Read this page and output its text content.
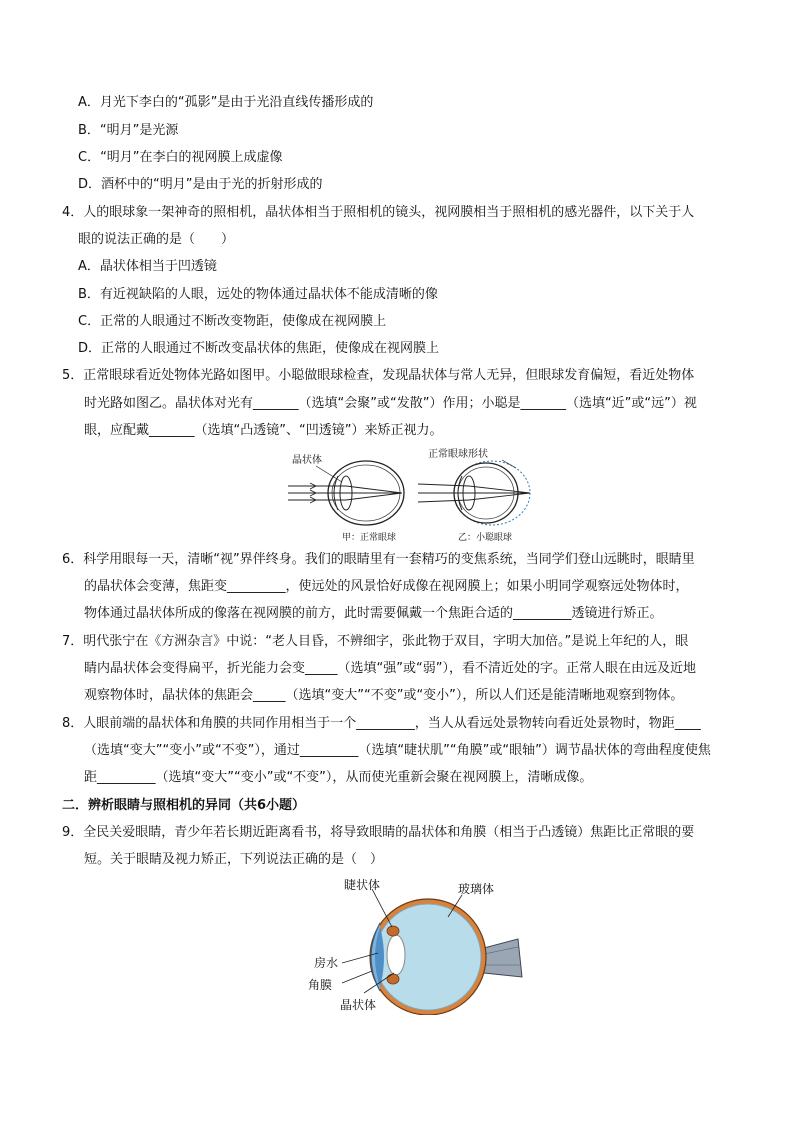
A．月光下李白的“孤影”是由于光沿直线传播形成的
B．“明月”是光源
C．“明月”在李白的视网膜上成虚像
D．酒杯中的“明月”是由于光的折射形成的
4．人的眼球象一架神奇的照相机，晶状体相当于照相机的镜头，视网膜相当于照相机的感光器件，以下关于人
眼的说法正确的是（　　）
A．晶状体相当于凹透镜
B．有近视缺陷的人眼，远处的物体通过晶状体不能成清晰的像
C．正常的人眼通过不断改变物距，使像成在视网膜上
D．正常的人眼通过不断改变晶状体的焦距，使像成在视网膜上
5．正常眼球看近处物体光路如图甲。小聪做眼球检查，发现晶状体与常人无异，但眼球发育偏短，看近处物体
时光路如图乙。晶状体对光有_______（选填“会聚”或“发散”）作用；小聪是_______（选填“近”或“远”）视
眼，应配戴_______（选填“凸透镜”、“凹透镜”）来矫正视力。
晶状体
甲：正常眼球
正常眼球形状
乙：小聪眼球
6．科学用眼每一天，清晰“视”界伴终身。我们的眼睛里有一套精巧的变焦系统，当同学们登山远眺时，眼睛里
的晶状体会变薄，焦距变_________，使远处的风景恰好成像在视网膜上；如果小明同学观察远处物体时，
物体通过晶状体所成的像落在视网膜的前方，此时需要佩戴一个焦距合适的_________透镜进行矫正。
7．明代张宁在《方洲杂言》中说：“老人目昏，不辨细字，张此物于双目，字明大加倍。”是说上年纪的人，眼
睛内晶状体会变得扁平，折光能力会变_____（选填“强”或“弱”），看不清近处的字。正常人眼在由远及近地
观察物体时，晶状体的焦距会_____（选填“变大”“不变”或“变小”），所以人们还是能清晰地观察到物体。
8．人眼前端的晶状体和角膜的共同作用相当于一个_________，当人从看远处景物转向看近处景物时，物距____
（选填“变大”“变小”或“不变”），通过_________（选填“睫状肌”“角膜”或“眼轴”）调节晶状体的弯曲程度使焦
距_________（选填“变大”“变小”或“不变”），从而使光重新会聚在视网膜上，清晰成像。
二．辨析眼睛与照相机的异同（共6小题）
9．全民关爱眼睛，青少年若长期近距离看书，将导致眼睛的晶状体和角膜（相当于凸透镜）焦距比正常眼的要
短。关于眼睛及视力矫正，下列说法正确的是（　）
睫状体	玻璃体
房水
角膜
晶状体
